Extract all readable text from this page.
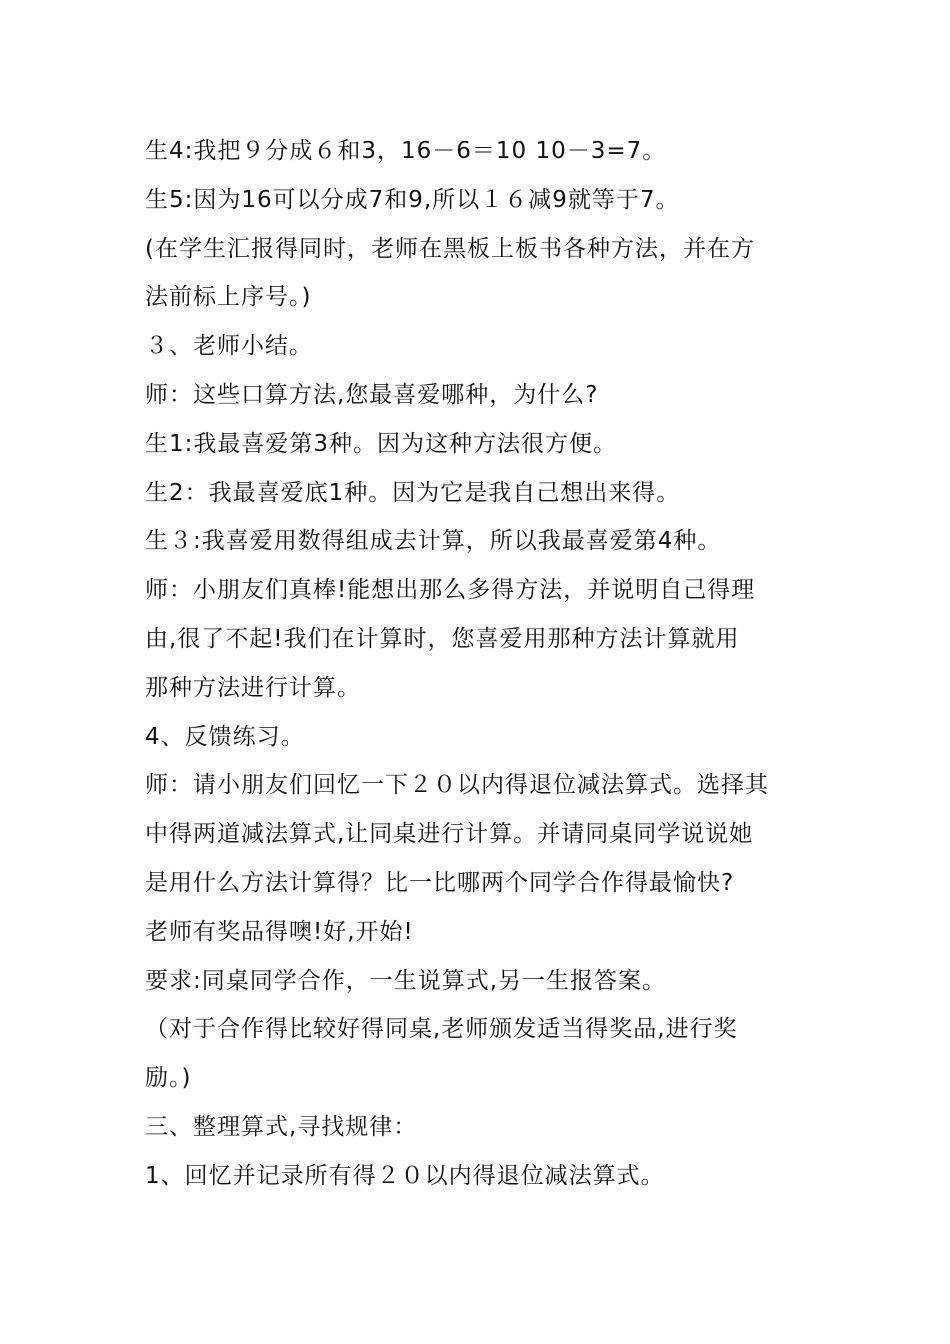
生4:我把９分成６和3，16－6＝10 10－3=7。
生5:因为16可以分成7和9,所以１６减9就等于7。
(在学生汇报得同时，老师在黑板上板书各种方法，并在方
法前标上序号。)
３、老师小结。
师：这些口算方法,您最喜爱哪种，为什么?
生1:我最喜爱第3种。因为这种方法很方便。
生2：我最喜爱底1种。因为它是我自己想出来得。
生３:我喜爱用数得组成去计算，所以我最喜爱第4种。
师：小朋友们真棒!能想出那么多得方法，并说明自己得理
由,很了不起!我们在计算时，您喜爱用那种方法计算就用
那种方法进行计算。
4、反馈练习。
师：请小朋友们回忆一下２０以内得退位减法算式。选择其
中得两道减法算式,让同桌进行计算。并请同桌同学说说她
是用什么方法计算得？比一比哪两个同学合作得最愉快?
老师有奖品得噢!好,开始!
要求:同桌同学合作，一生说算式,另一生报答案。
（对于合作得比较好得同桌,老师颁发适当得奖品,进行奖
励。)
三、整理算式,寻找规律：
1、回忆并记录所有得２０以内得退位减法算式。
